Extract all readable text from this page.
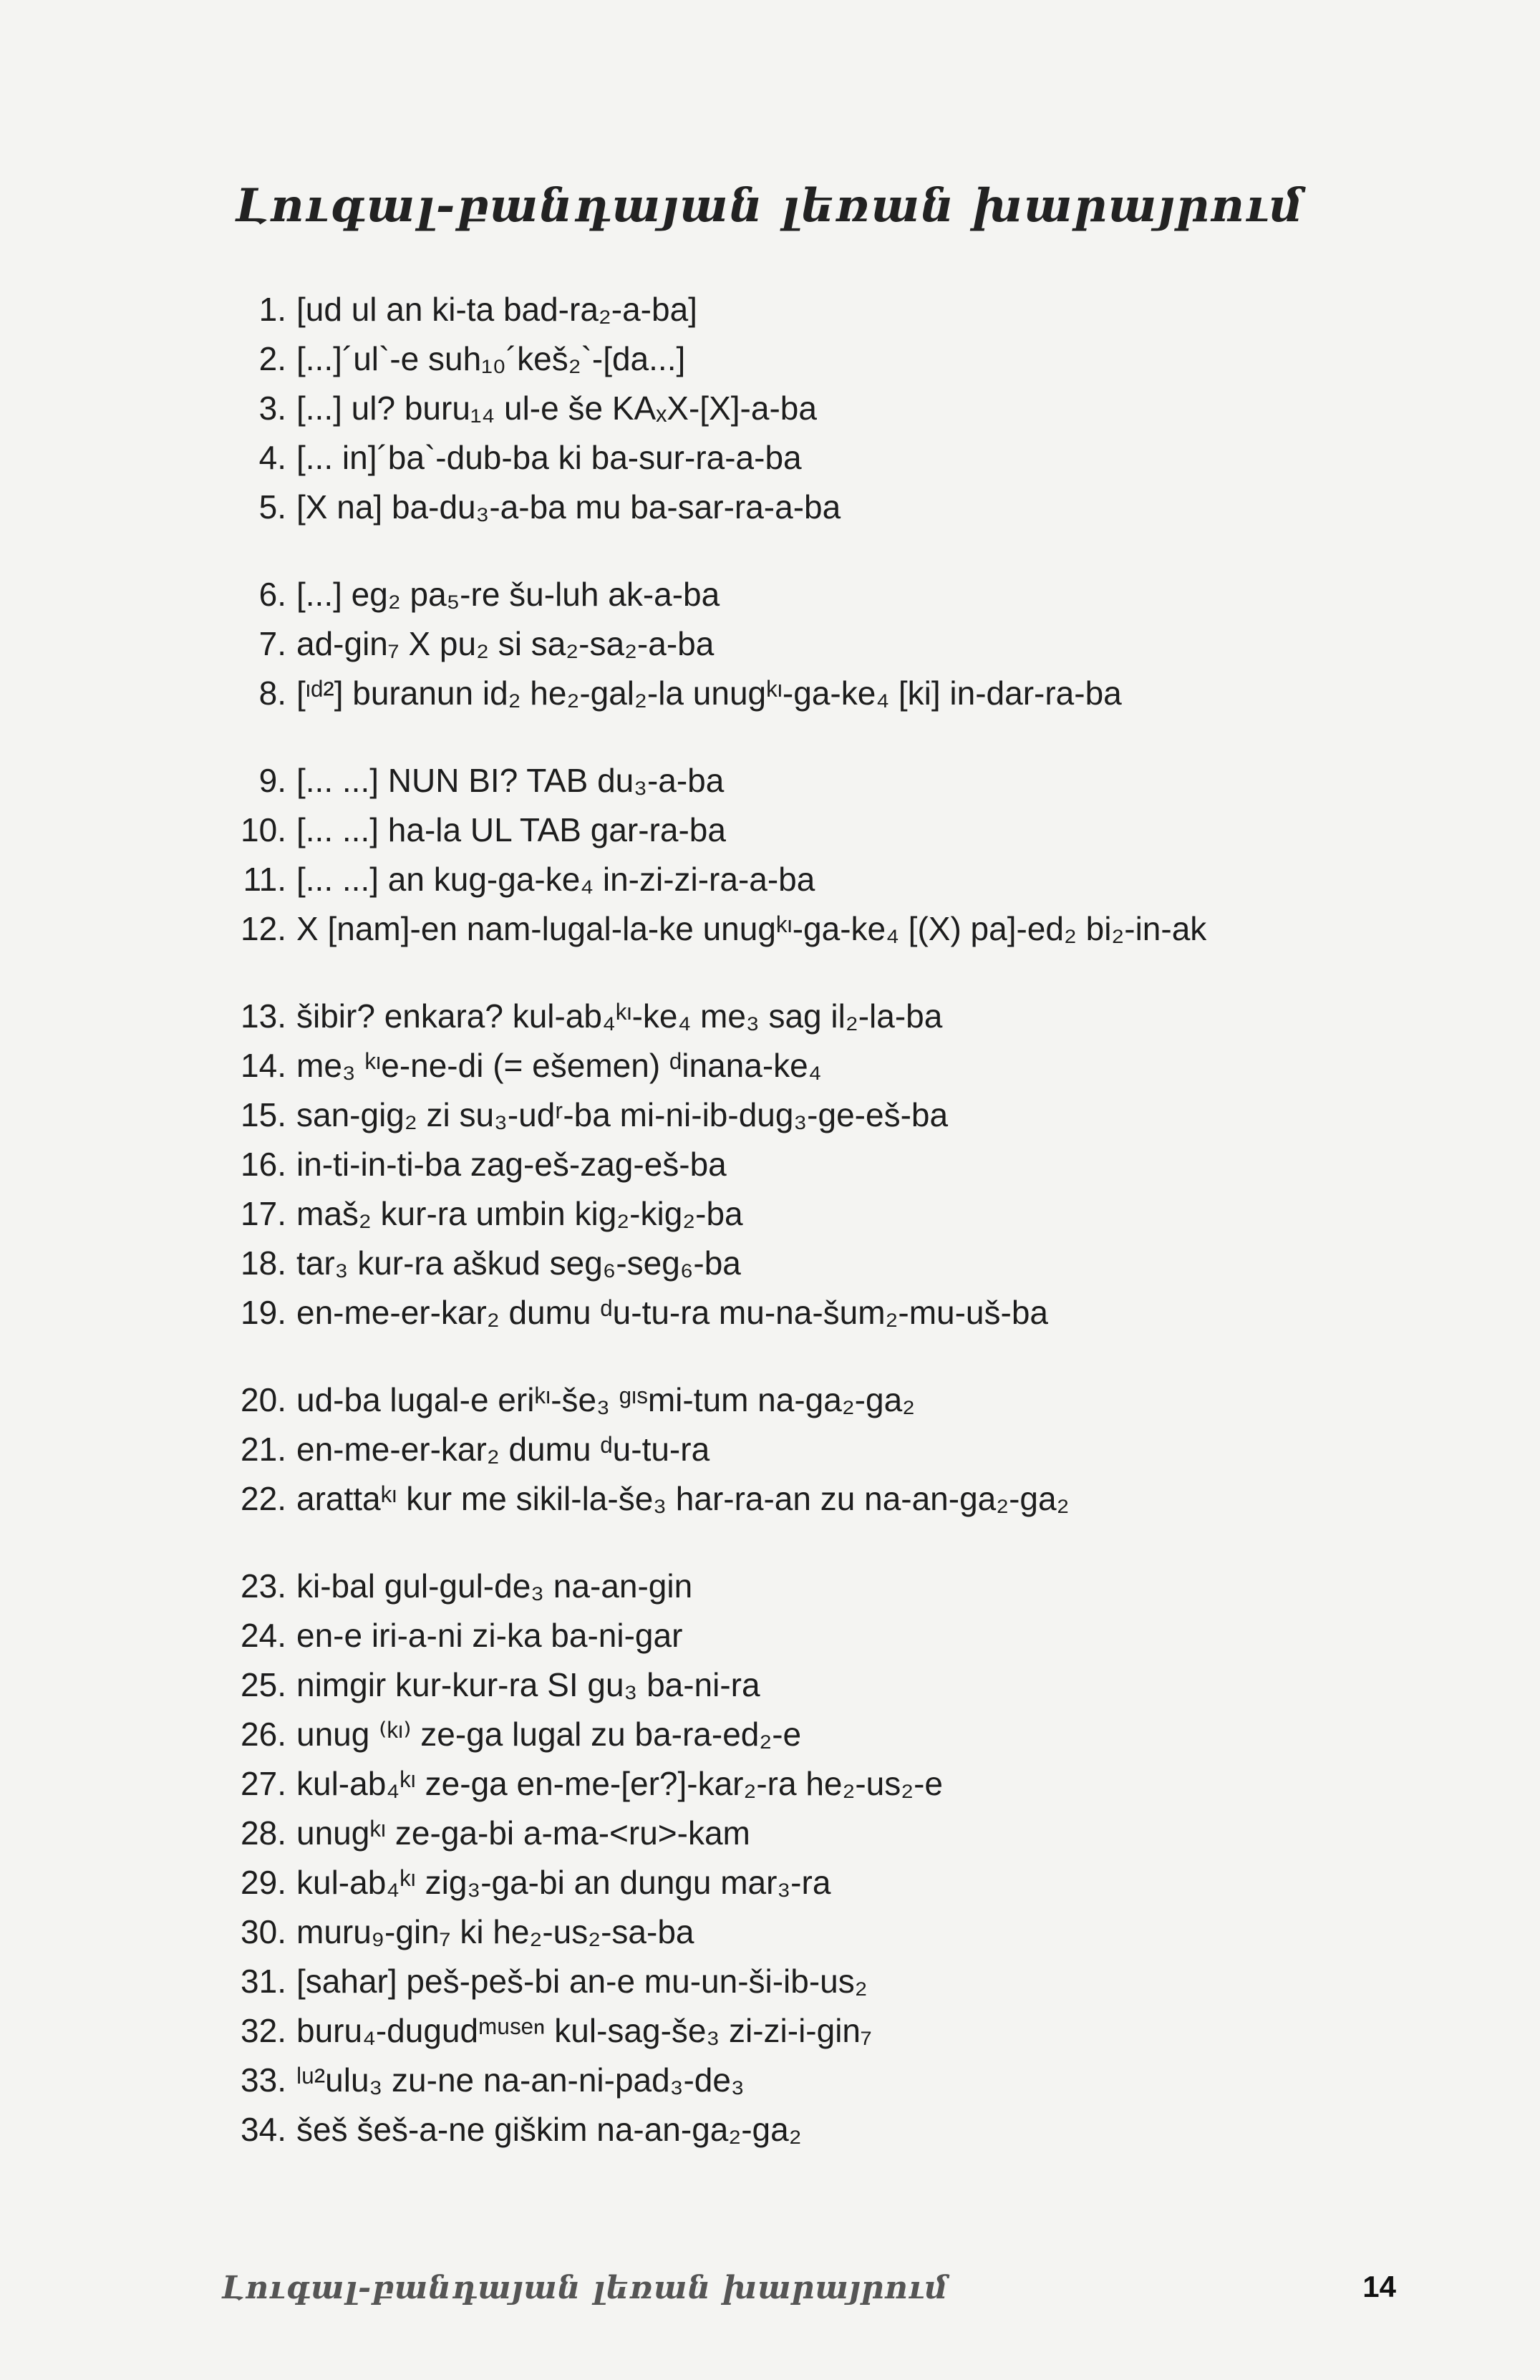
Լուգալ-բանդայան լեռան խարայրում
1. [ud ul an ki-ta bad-ra₂-a-ba]
2. [...]´ul`-e suh₁₀´keš₂`-[da...]
3. [...] ul? buru₁₄ ul-e še KAₓX-[X]-a-ba
4. [... in]´ba`-dub-ba ki ba-sur-ra-a-ba
5. [X na] ba-du₃-a-ba mu ba-sar-ra-a-ba
6. [...] eg₂ pa₅-re šu-luh ak-a-ba
7. ad-gin₇ X pu₂ si sa₂-sa₂-a-ba
8. [ᶦᵈ²] buranun id₂ he₂-gal₂-la unugᵏᶦ-ga-ke₄ [ki] in-dar-ra-ba
9. [... ...] NUN BI? TAB du₃-a-ba
10. [... ...] ha-la UL TAB gar-ra-ba
11. [... ...] an kug-ga-ke₄ in-zi-zi-ra-a-ba
12. X [nam]-en nam-lugal-la-ke unugᵏᶦ-ga-ke₄ [(X) pa]-ed₂ bi₂-in-ak
13. šibir? enkara? kul-ab₄ᵏᶦ-ke₄ me₃ sag il₂-la-ba
14. me₃ ᵏᶦe-ne-di (= ešemen) ᵈinana-ke₄
15. san-gig₂ zi su₃-udʳ-ba mi-ni-ib-dug₃-ge-eš-ba
16. in-ti-in-ti-ba zag-eš-zag-eš-ba
17. maš₂ kur-ra umbin kig₂-kig₂-ba
18. tar₃ kur-ra aškud seg₆-seg₆-ba
19. en-me-er-kar₂ dumu ᵈu-tu-ra mu-na-šum₂-mu-uš-ba
20. ud-ba lugal-e eriᵏᶦ-še₃ ᵍᶦˢmi-tum na-ga₂-ga₂
21. en-me-er-kar₂ dumu ᵈu-tu-ra
22. arattaᵏᶦ kur me sikil-la-še₃ har-ra-an zu na-an-ga₂-ga₂
23. ki-bal gul-gul-de₃ na-an-gin
24. en-e iri-a-ni zi-ka ba-ni-gar
25. nimgir kur-kur-ra SI gu₃ ba-ni-ra
26. unug ⁽ᵏᶦ⁾ ze-ga lugal zu ba-ra-ed₂-e
27. kul-ab₄ᵏᶦ ze-ga en-me-[er?]-kar₂-ra he₂-us₂-e
28. unugᵏᶦ ze-ga-bi a-ma-<ru>-kam
29. kul-ab₄ᵏᶦ zig₃-ga-bi an dungu mar₃-ra
30. muru₉-gin₇ ki he₂-us₂-sa-ba
31. [sahar] peš-peš-bi an-e mu-un-ši-ib-us₂
32. buru₄-dugudᵐᵘˢᵉⁿ kul-sag-še₃ zi-zi-i-gin₇
33. ˡᵘ²ulu₃ zu-ne na-an-ni-pad₃-de₃
34. šeš šeš-a-ne giškim na-an-ga₂-ga₂
Լուգալ-բանդայան լեռան խարայրում	14
